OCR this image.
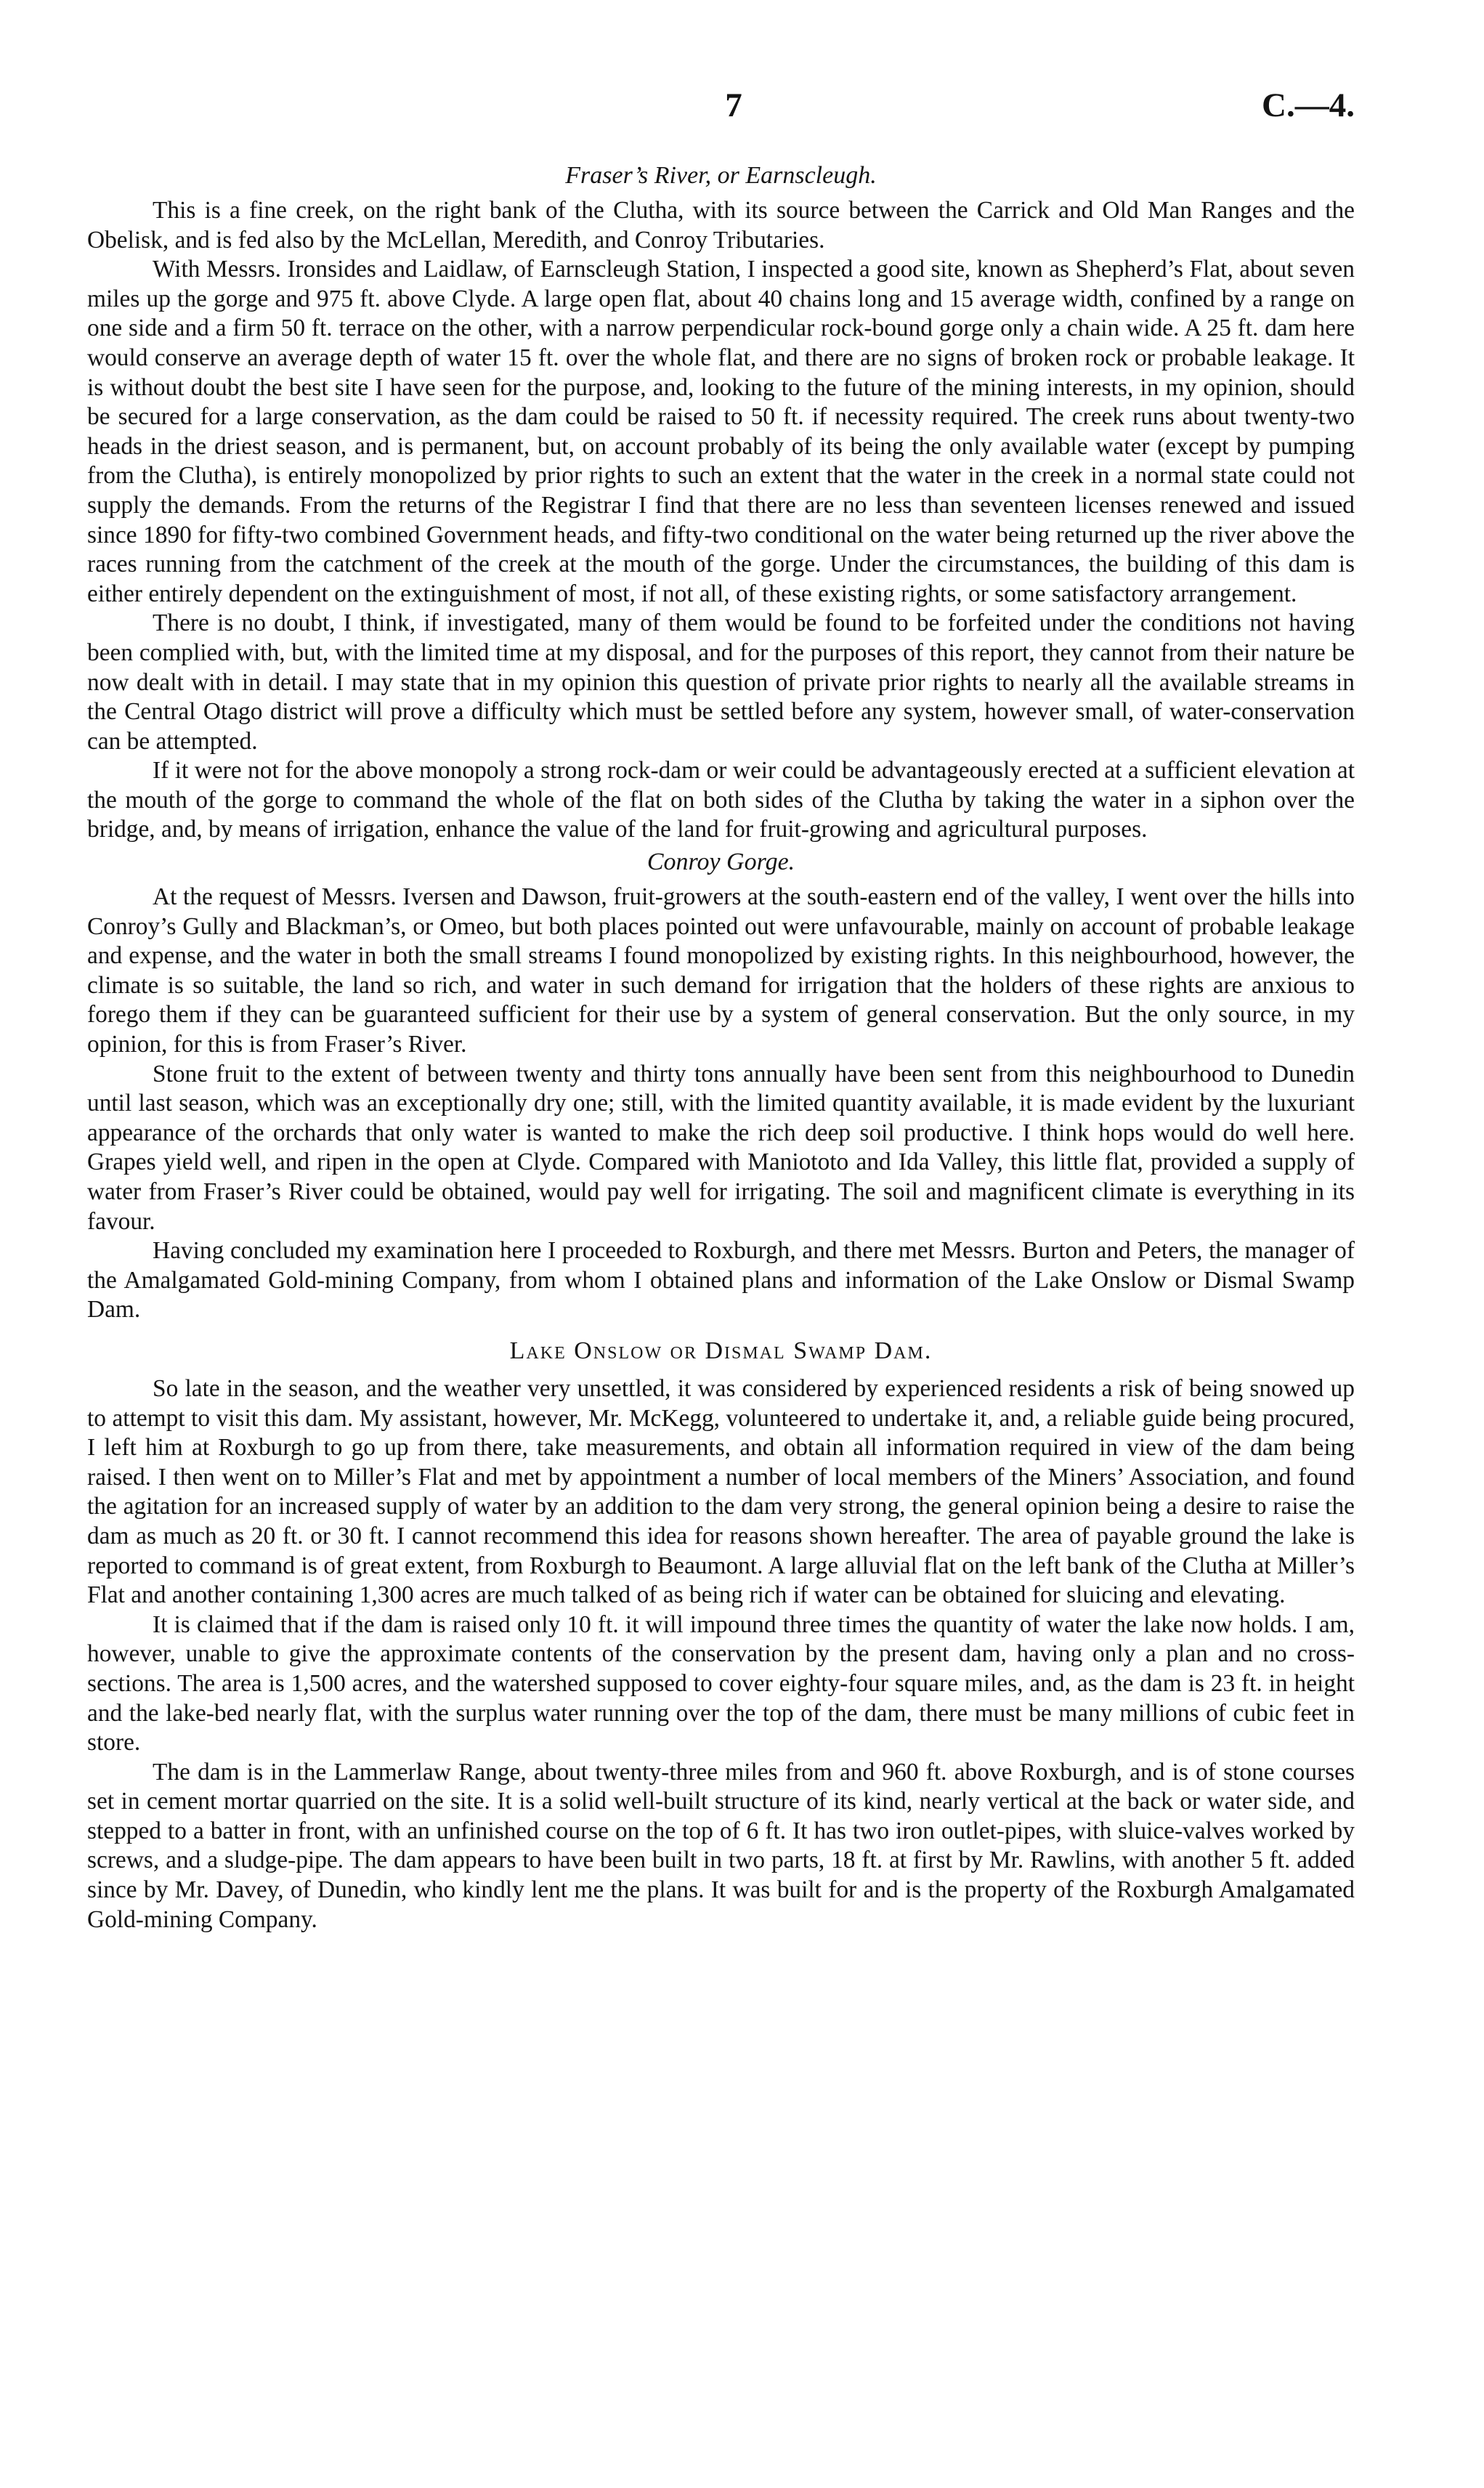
7	C.—4.
Fraser’s River, or Earnscleugh.

This is a fine creek, on the right bank of the Clutha, with its source between the Carrick and Old Man Ranges and the Obelisk, and is fed also by the McLellan, Meredith, and Conroy Tributaries.

With Messrs. Ironsides and Laidlaw, of Earnscleugh Station, I inspected a good site, known as Shepherd’s Flat, about seven miles up the gorge and 975 ft. above Clyde. A large open flat, about 40 chains long and 15 average width, confined by a range on one side and a firm 50 ft. terrace on the other, with a narrow perpendicular rock-bound gorge only a chain wide. A 25 ft. dam here would conserve an average depth of water 15 ft. over the whole flat, and there are no signs of broken rock or probable leakage. It is without doubt the best site I have seen for the purpose, and, looking to the future of the mining interests, in my opinion, should be secured for a large conservation, as the dam could be raised to 50 ft. if necessity required. The creek runs about twenty-two heads in the driest season, and is permanent, but, on account probably of its being the only available water (except by pumping from the Clutha), is entirely monopolized by prior rights to such an extent that the water in the creek in a normal state could not supply the demands. From the returns of the Registrar I find that there are no less than seventeen licenses renewed and issued since 1890 for fifty-two combined Government heads, and fifty-two conditional on the water being returned up the river above the races running from the catchment of the creek at the mouth of the gorge. Under the circumstances, the building of this dam is either entirely dependent on the extinguishment of most, if not all, of these existing rights, or some satisfactory arrangement.

There is no doubt, I think, if investigated, many of them would be found to be forfeited under the conditions not having been complied with, but, with the limited time at my disposal, and for the purposes of this report, they cannot from their nature be now dealt with in detail. I may state that in my opinion this question of private prior rights to nearly all the available streams in the Central Otago district will prove a difficulty which must be settled before any system, however small, of water-conservation can be attempted.

If it were not for the above monopoly a strong rock-dam or weir could be advantageously erected at a sufficient elevation at the mouth of the gorge to command the whole of the flat on both sides of the Clutha by taking the water in a siphon over the bridge, and, by means of irrigation, enhance the value of the land for fruit-growing and agricultural purposes.

Conroy Gorge.

At the request of Messrs. Iversen and Dawson, fruit-growers at the south-eastern end of the valley, I went over the hills into Conroy’s Gully and Blackman’s, or Omeo, but both places pointed out were unfavourable, mainly on account of probable leakage and expense, and the water in both the small streams I found monopolized by existing rights. In this neighbourhood, however, the climate is so suitable, the land so rich, and water in such demand for irrigation that the holders of these rights are anxious to forego them if they can be guaranteed sufficient for their use by a system of general conservation. But the only source, in my opinion, for this is from Fraser’s River.

Stone fruit to the extent of between twenty and thirty tons annually have been sent from this neighbourhood to Dunedin until last season, which was an exceptionally dry one; still, with the limited quantity available, it is made evident by the luxuriant appearance of the orchards that only water is wanted to make the rich deep soil productive. I think hops would do well here. Grapes yield well, and ripen in the open at Clyde. Compared with Maniototo and Ida Valley, this little flat, provided a supply of water from Fraser’s River could be obtained, would pay well for irrigating. The soil and magnificent climate is everything in its favour.

Having concluded my examination here I proceeded to Roxburgh, and there met Messrs. Burton and Peters, the manager of the Amalgamated Gold-mining Company, from whom I obtained plans and information of the Lake Onslow or Dismal Swamp Dam.

Lake Onslow or Dismal Swamp Dam.

So late in the season, and the weather very unsettled, it was considered by experienced residents a risk of being snowed up to attempt to visit this dam. My assistant, however, Mr. McKegg, volunteered to undertake it, and, a reliable guide being procured, I left him at Roxburgh to go up from there, take measurements, and obtain all information required in view of the dam being raised. I then went on to Miller’s Flat and met by appointment a number of local members of the Miners’ Association, and found the agitation for an increased supply of water by an addition to the dam very strong, the general opinion being a desire to raise the dam as much as 20 ft. or 30 ft. I cannot recommend this idea for reasons shown hereafter. The area of payable ground the lake is reported to command is of great extent, from Roxburgh to Beaumont. A large alluvial flat on the left bank of the Clutha at Miller’s Flat and another containing 1,300 acres are much talked of as being rich if water can be obtained for sluicing and elevating.

It is claimed that if the dam is raised only 10 ft. it will impound three times the quantity of water the lake now holds. I am, however, unable to give the approximate contents of the conservation by the present dam, having only a plan and no cross-sections. The area is 1,500 acres, and the watershed supposed to cover eighty-four square miles, and, as the dam is 23 ft. in height and the lake-bed nearly flat, with the surplus water running over the top of the dam, there must be many millions of cubic feet in store.

The dam is in the Lammerlaw Range, about twenty-three miles from and 960 ft. above Roxburgh, and is of stone courses set in cement mortar quarried on the site. It is a solid well-built structure of its kind, nearly vertical at the back or water side, and stepped to a batter in front, with an unfinished course on the top of 6 ft. It has two iron outlet-pipes, with sluice-valves worked by screws, and a sludge-pipe. The dam appears to have been built in two parts, 18 ft. at first by Mr. Rawlins, with another 5 ft. added since by Mr. Davey, of Dunedin, who kindly lent me the plans. It was built for and is the property of the Roxburgh Amalgamated Gold-mining Company.
